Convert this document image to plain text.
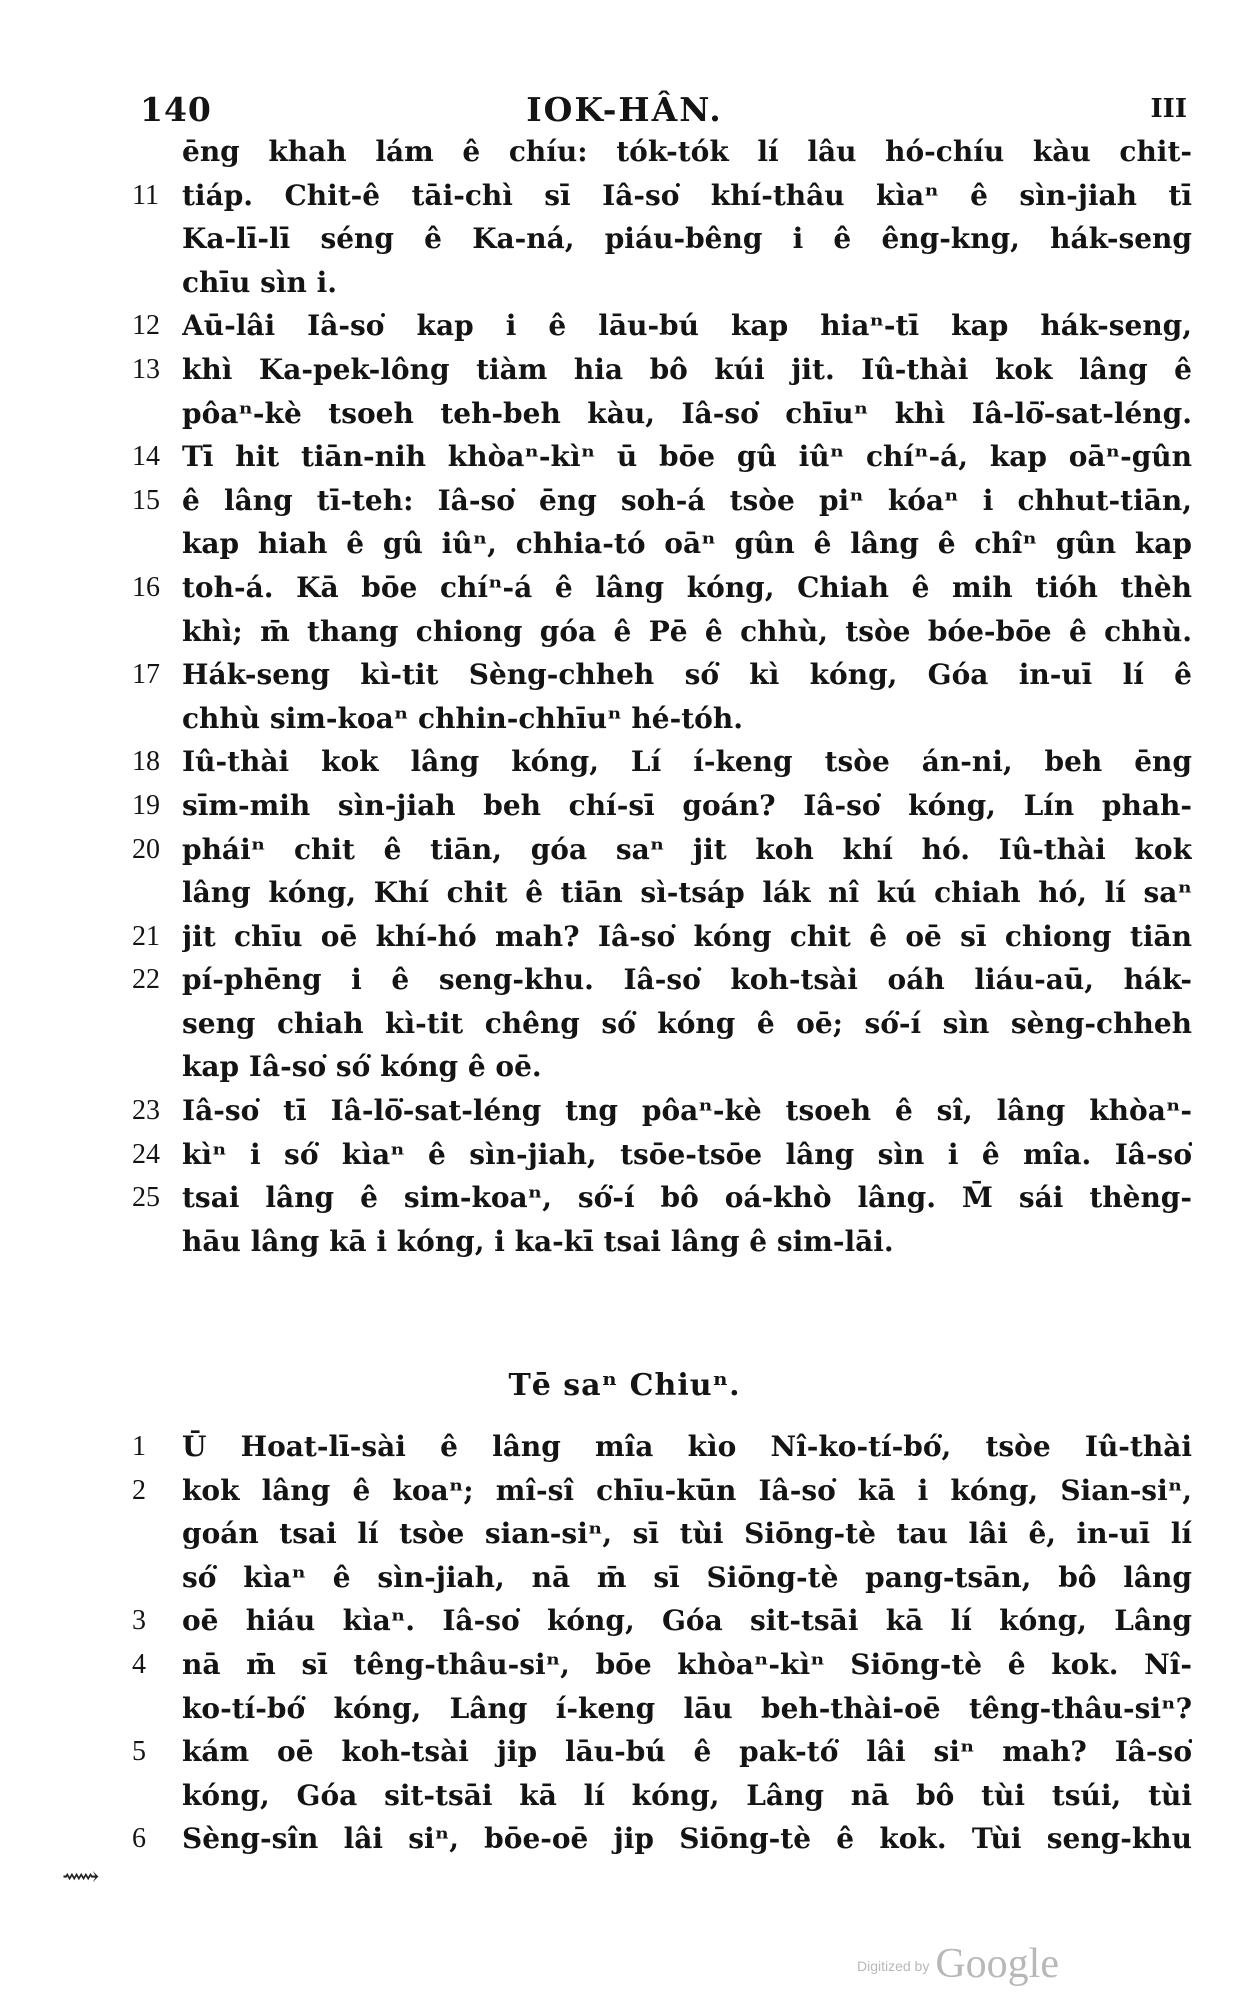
140	IOK-HÂN.	III
ēng khah lám ê chíu: tók-tók lí lâu hó-chíu kàu chit-
11 tiáp. Chit-ê tāi-chì sī Iâ-so͘ khí-thâu kìaⁿ ê sìn-jiah tī
Ka-lī-lī séng ê Ka-ná, piáu-bêng i ê êng-kng, hák-seng
chīu sìn i.
12 Aū-lâi Iâ-so͘ kap i ê lāu-bú kap hiaⁿ-tī kap hák-seng,
13 khì Ka-pek-lông tiàm hia bô kúi jit. Iû-thài kok lâng ê
pôaⁿ-kè tsoeh teh-beh kàu, Iâ-so͘ chīuⁿ khì Iâ-lō͘-sat-léng.
14 Tī hit tiān-nih khòaⁿ-kìⁿ ū bōe gû iûⁿ chíⁿ-á, kap oāⁿ-gûn
15 ê lâng tī-teh: Iâ-so͘ ēng soh-á tsòe piⁿ kóaⁿ i chhut-tiān,
kap hiah ê gû iûⁿ, chhia-tó oāⁿ gûn ê lâng ê chîⁿ gûn kap
16 toh-á. Kā bōe chíⁿ-á ê lâng kóng, Chiah ê mih tióh thèh
khì; m̄ thang chiong góa ê Pē ê chhù, tsòe bóe-bōe ê chhù.
17 Hák-seng kì-tit Sèng-chheh só͘ kì kóng, Góa in-uī lí ê
chhù sim-koaⁿ chhin-chhīuⁿ hé-tóh.
18 Iû-thài kok lâng kóng, Lí í-keng tsòe án-ni, beh ēng
19 sīm-mih sìn-jiah beh chí-sī goán? Iâ-so͘ kóng, Lín phah-
20 pháiⁿ chit ê tiān, góa saⁿ jit koh khí hó. Iû-thài kok
lâng kóng, Khí chit ê tiān sì-tsáp lák nî kú chiah hó, lí saⁿ
21 jit chīu oē khí-hó mah? Iâ-so͘ kóng chit ê oē sī chiong tiān
22 pí-phēng i ê seng-khu. Iâ-so͘ koh-tsài oáh liáu-aū, hák-
seng chiah kì-tit chêng só͘ kóng ê oē; só͘-í sìn sèng-chheh
kap Iâ-so͘ só͘ kóng ê oē.
23 Iâ-so͘ tī Iâ-lō͘-sat-léng tng pôaⁿ-kè tsoeh ê sî, lâng khòaⁿ-
24 kìⁿ i só͘ kìaⁿ ê sìn-jiah, tsōe-tsōe lâng sìn i ê mîa. Iâ-so͘
25 tsai lâng ê sim-koaⁿ, só͘-í bô oá-khò lâng. M̄ sái thèng-
hāu lâng kā i kóng, i ka-kī tsai lâng ê sim-lāi.
Tē saⁿ Chiuⁿ.
1	Ū Hoat-lī-sài ê lâng mîa kìo Nî-ko-tí-bó͘, tsòe Iû-thài
2	kok lâng ê koaⁿ; mî-sî chīu-kūn Iâ-so͘ kā i kóng, Sian-siⁿ,
goán tsai lí tsòe sian-siⁿ, sī tùi Siōng-tè tau lâi ê, in-uī lí
só͘ kìaⁿ ê sìn-jiah, nā m̄ sī Siōng-tè pang-tsān, bô lâng
3	oē hiáu kìaⁿ. Iâ-so͘ kóng, Góa sit-tsāi kā lí kóng, Lâng
4	nā m̄ sī têng-thâu-siⁿ, bōe khòaⁿ-kìⁿ Siōng-tè ê kok. Nî-
ko-tí-bó͘ kóng, Lâng í-keng lāu beh-thài-oē têng-thâu-siⁿ?
5	kám oē koh-tsài jip lāu-bú ê pak-tó͘ lâi siⁿ mah? Iâ-so͘
kóng, Góa sit-tsāi kā lí kóng, Lâng nā bô tùi tsúi, tùi
6	Sèng-sîn lâi siⁿ, bōe-oē jip Siōng-tè ê kok. Tùi seng-khu
⟿
Digitized by Google
